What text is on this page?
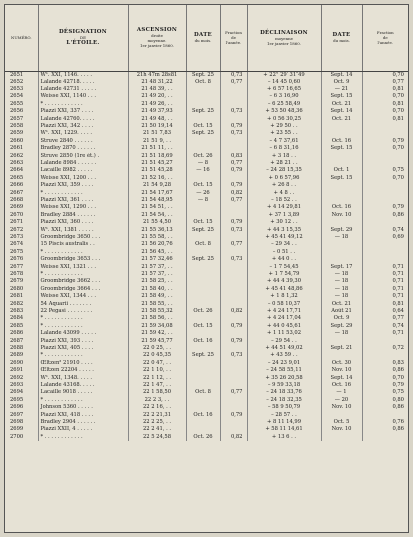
NUMÉRO.	DÉSIGNATION
DE
L'ÉTOILE.	ASCENSION
droite
moyenne.
1er janvier 1860.	DATE
du mois.	Fraction
de
l'année.	DÉCLINAISON
moyenne
1er janvier 1860.	DATE
du mois.	Fraction
de
l'année.

2651	W¹. XXI, 1146. . . . .	21h 47m 28s81	Sept. 25	0,73	+ 22° 29′ 31″49	Sept. 14	0,70
2652	Lalande 42718. . . . .	21 48 31,22	Oct. 8	0,77	– 14 45 0,60	Oct. 9	0,77
2653	Lalande 42731 . . . . .	21 48 39, . .			+ 6 57 16,65	— 21	0,81
2654	Weisse XXI, 1140 . . .	21 49 20, . .			– 6 3 16,90	Sept. 15	0,70
2655	* . . . . . . . . . . . .	21 49 26, . .			– 6 25 58,49	Oct. 21	0,81
2656	Piazzi XXI, 337 . . . .	21 49 37,93	Sept. 25	0,73	+ 53 50 48,36	Sept. 14	0,70
2657	Lalande 42760. . . . .	21 49 48, . .			+ 0 56 30,25	Oct. 21	0,81
2658	Piazzi XXI, 342 . . . .	21 50 19,14	Oct. 15	0,79	+ 29 50 . .		
2659	W¹. XXI, 1229. . . . .	21 51 7,83	Sept. 25	0,73	+ 23 55 . .		
2660	Struve 2840 . . . . . .	21 51 9, . .			– 4 7 37,61	Oct. 16	0,79
2661	Bradley 2870 . . . . . .	21 51 11, . .			– 6 8 31,16	Sept. 15	0,70
2662	Struve 2850 (1re ét.) .	21 51 18,69	Oct. 26	0,83	+ 3 18 . .		
2663	Lalande 8984 . . . . . .	21 51 45,27	— 8	0,77	+ 28 21 . .		
2664	Lacaille 8982 . . . . .	21 51 45,28	— 16	0,79	– 24 28 15,35	Oct. 1	0,75
2665	Weisse XXI, 1200 . . .	21 52 16, . .			+ 0 6 57,96	Sept. 15	0,70
2666	Piazzi XXI, 359 . . . .	21 54 9,28	Oct. 15	0,79	+ 26 8 . .		
2667	* . . . . . . . . . . . .	21 54 17,67	— 26	0,82	+ 4 8 . .		
2668	Piazzi XXI, 361 . . . .	21 54 48,95	— 8	0,77	– 18 52 . .		
2669	Weisse XXI, 1290 . . .	21 54 51, . .			+ 4 14 29,81	Oct. 16	0,79
2670	Bradley 2884 . . . . . .	21 54 54, . .			+ 37 1 3,89	Nov. 10	0,86
2671	Piazzi XXI, 360 . . . .	21 55 4,50	Oct. 15	0,79	+ 30 12 . .		
2672	W¹. XXI, 1381 . . . . .	21 55 36,13	Sept. 25	0,73	+ 44 3 15,35	Sept. 29	0,74
2673	Groombridge 3650 . . .	21 55 58, . .			+ 45 41 49,12	— 18	0,69
2674	15 Piscis australis . .	21 56 20,76	Oct. 8	0,77	– 29 34 . .		
2675	* . . . . . . . . . . . .	21 56 45, . .			– 0 51 . .		
2676	Groombridge 3653 . . .	21 57 32,46	Sept. 25	0,73	+ 44 0 . .		
2677	Weisse XXI, 1321 . . .	21 57 37, . .			– 1 7 54,45	Sept. 17	0,71
2678	* . . . . . . . . . . . .	21 57 37, . .			+ 1 7 54,79	— 18	0,71
2679	Groombridge 3662 . . .	21 58 25, . .			+ 44 4 39,30	— 18	0,71
2680	Groombridge 3664 . . .	21 58 40, . .			+ 45 41 48,86	— 18	0,71
2681	Weisse XXI, 1344 . . .	21 58 49, . .			+ 1 8 1,32	— 18	0,71
2682	54 Aquarii . . . . . . .	21 58 55, . .			– 0 58 10,37	Oct. 21	0,81
2683	22 Pegasi . . . . . . . .	21 58 55,32	Oct. 26	0,82	+ 4 24 17,71	Août 21	0,64
2684	* . . . . . . . . . . . .	21 58 56, . .			+ 4 24 17,04	Oct. 9	0,77
2685	* . . . . . . . . . . . .	21 59 34,08	Oct. 15	0,79	+ 44 0 45,61	Sept. 29	0,74
2686	Lalande 43099 . . . . .	21 59 42, . .			+ 1 11 53,02	— 18	0,71
2687	Piazzi XXI, 393 . . . .	21 59 45,77	Oct. 16	0,79	– 29 54 . .		
2688	Piazzi XXI, 405 . . . .	22 0 25, . .			+ 44 51 49,02	Sept. 21	0,72
2689	* . . . . . . . . . . . .	22 0 45,35	Sept. 25	0,73	+ 43 59 . .		
2690	Œltzen² 21910 . . . .	22 0 47, . .			– 24 23 9,01	Oct. 30	0,83
2691	Œltzen 22204 . . . . .	22 1 10, . .			– 24 58 55,11	Nov. 10	0,86
2692	W¹. XXI, 1348. . . . .	22 1 12, . .			+ 35 26 20,58	Sept. 14	0,70
2693	Lalande 43168. . . . .	22 1 47, . .			– 9 59 33,18	Oct. 16	0,79
2694	Lacaille 9018 . . . . .	22 1 58,50	Oct. 8	0,77	– 24 18 33,76	— 1	0,75
2695	* . . . . . . . . . . . .	22 2 3, . .			– 24 18 32,35	— 20	0,80
2696	Johnson 5360 . . . . .	22 2 16, . .			– 58 9 50,79	Nov. 10	0,86
2697	Piazzi XXI, 418 . . . .	22 2 21,31	Oct. 16	0,79	– 28 57 . .		
2698	Bradley 2904 . . . . . .	22 2 25, . .			+ 8 11 14,99	Oct. 5	0,76
2699	Piazzi XXII, 4 . . . . .	22 2 41, . .			+ 58 11 14,61	Nov. 10	0,86
2700	* . . . . . . . . . . . .	22 5 24,58	Oct. 26	0,82	+ 13 6 . .		
